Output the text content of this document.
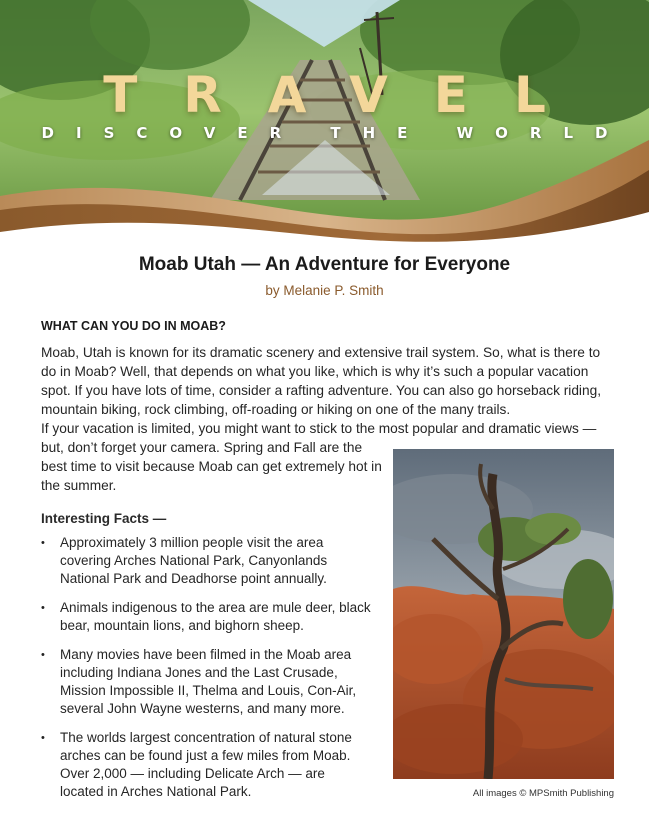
TRAVEL
DISCOVER THE WORLD
Moab Utah — An Adventure for Everyone
by Melanie P. Smith
WHAT CAN YOU DO IN MOAB?

Moab, Utah is known for its dramatic scenery and extensive trail system. So, what is there to do in Moab? Well, that depends on what you like, which is why it’s such a popular vacation spot. If you have lots of time, consider a rafting adventure. You can also go horseback riding, mountain biking, rock climbing, off-roading or hiking on one of the many trails.

If your vacation is limited, you might want to stick to the most popular and dramatic views —

but, don’t forget your camera. Spring and Fall are the

best time to visit because Moab can get extremely hot in

the summer.

Interesting Facts —
• Approximately 3 million people visit the area covering Arches National Park, Canyonlands National Park and Deadhorse point annually.
• Animals indigenous to the area are mule deer, black bear, mountain lions, and bighorn sheep.
• Many movies have been filmed in the Moab area including Indiana Jones and the Last Crusade, Mission Impossible II, Thelma and Louis, Con-Air, several John Wayne westerns, and many more.
• The worlds largest concentration of natural stone arches can be found just a few miles from Moab. Over 2,000 — including Delicate Arch — are located in Arches National Park.	All images © MPSmith Publishing
